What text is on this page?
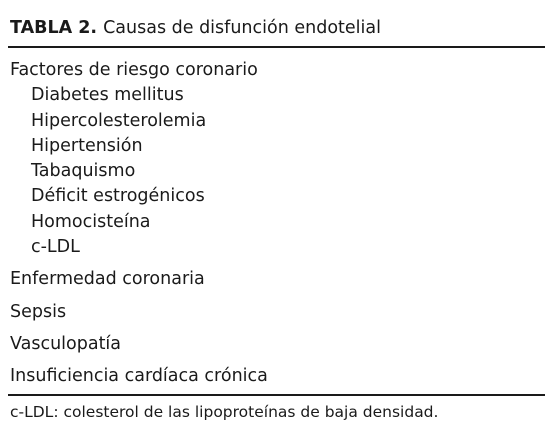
TABLA 2. Causas de disfunción endotelial
Factores de riesgo coronario
Diabetes mellitus
Hipercolesterolemia
Hipertensión
Tabaquismo
Déficit estrogénicos
Homocisteína
c-LDL
Enfermedad coronaria
Sepsis
Vasculopatía
Insuficiencia cardíaca crónica
c-LDL: colesterol de las lipoproteínas de baja densidad.
